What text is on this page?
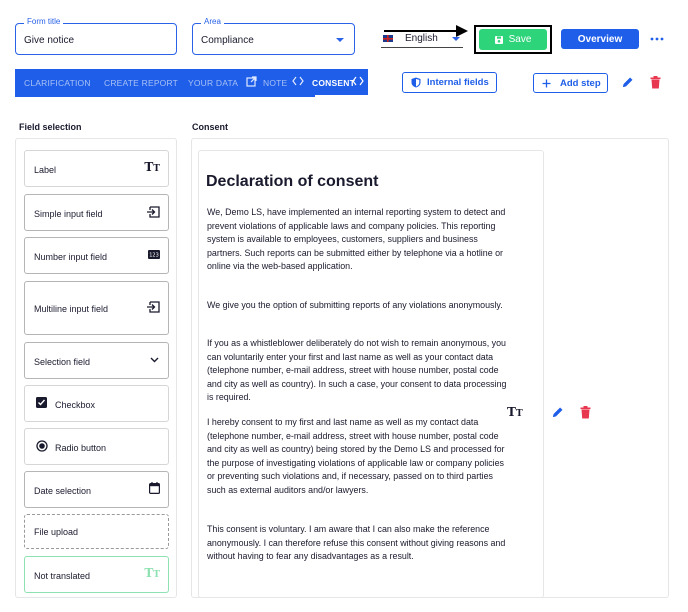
Form title
Give notice
Area
Compliance	English	Save	Overview
CLARIFICATION CREATE REPORT YOUR DATA	NOTE	CONSENT	Internal fields	Add step
Field selection	Consent
Label	TT
Simple input field
Number input field	123
Multiline input field
Selection field
Checkbox
Radio button
Date selection
File upload
Not translated	TT
Declaration of consent

We, Demo LS, have implemented an internal reporting system to detect and prevent violations of applicable laws and company policies. This reporting system is available to employees, customers, suppliers and business partners. Such reports can be submitted either by telephone via a hotline or online via the web-based application.

We give you the option of submitting reports of any violations anonymously.

If you as a whistleblower deliberately do not wish to remain anonymous, you can voluntarily enter your first and last name as well as your contact data (telephone number, e-mail address, street with house number, postal code and city as well as country). In such a case, your consent to data processing is required.

I hereby consent to my first and last name as well as my contact data (telephone number, e-mail address, street with house number, postal code and city as well as country) being stored by the Demo LS and processed for the purpose of investigating violations of applicable law or company policies or preventing such violations and, if necessary, passed on to third parties such as external auditors and/or lawyers.

This consent is voluntary. I am aware that I can also make the reference anonymously. I can therefore refuse this consent without giving reasons and without having to fear any disadvantages as a result.

TT
